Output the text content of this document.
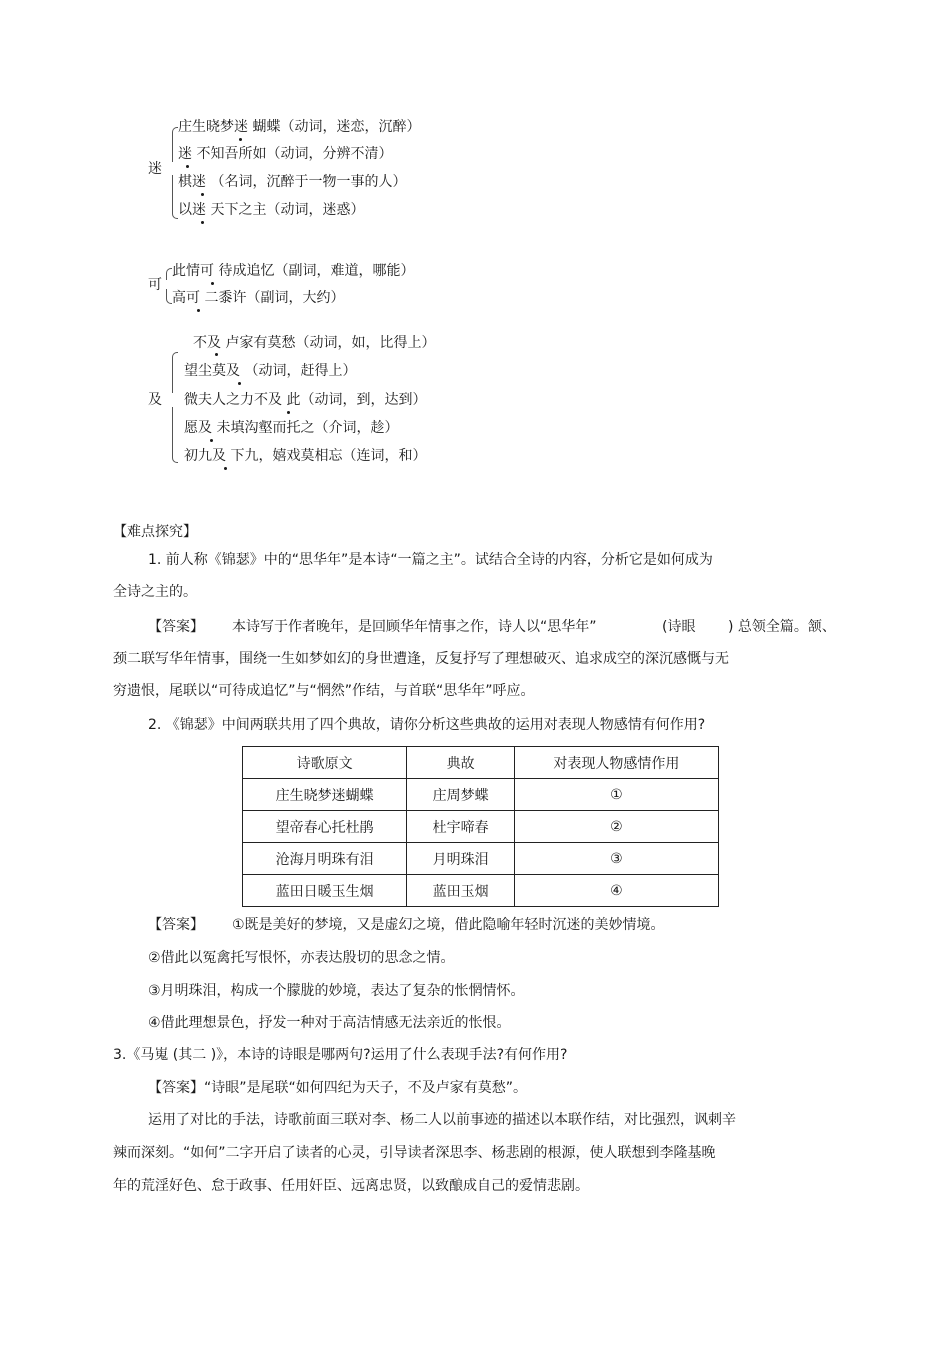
迷
庄生晓梦迷 蝴蝶（动词，迷恋，沉醉）
迷 不知吾所如（动词，分辨不清）
棋迷 （名词，沉醉于一物一事的人）
以迷 天下之主（动词，迷惑）
可
此情可 待成追忆（副词，难道，哪能）
高可 二黍许（副词，大约）
及
不及 卢家有莫愁（动词，如，比得上）
望尘莫及 （动词，赶得上）
微夫人之力不及 此（动词，到，达到）
愿及 未填沟壑而托之（介词，趁）
初九及 下九，嬉戏莫相忘（连词，和）
【难点探究】
1. 前人称《锦瑟》中的“思华年”是本诗“一篇之主”。试结合全诗的内容，分析它是如何成为
全诗之主的。
【答案】 本诗写于作者晚年，是回顾华年情事之作，诗人以“思华年”	(诗眼 ) 总领全篇。颔、
颈二联写华年情事，围绕一生如梦如幻的身世遭逢，反复抒写了理想破灭、追求成空的深沉感慨与无
穷遗恨，尾联以“可待成追忆”与“惘然”作结，与首联“思华年”呼应。
2. 《锦瑟》中间两联共用了四个典故，请你分析这些典故的运用对表现人物感情有何作用?
诗歌原文	典故	对表现人物感情作用
庄生晓梦迷蝴蝶	庄周梦蝶	①
望帝春心托杜鹃	杜宇啼春	②
沧海月明珠有泪	月明珠泪	③
蓝田日暖玉生烟	蓝田玉烟	④
【答案】 ①既是美好的梦境，又是虚幻之境，借此隐喻年轻时沉迷的美妙情境。
②借此以冤禽托写恨怀，亦表达殷切的思念之情。
③月明珠泪，构成一个朦胧的妙境，表达了复杂的怅惘情怀。
④借此理想景色，抒发一种对于高洁情感无法亲近的怅恨。
3.《马嵬 (其二 )》，本诗的诗眼是哪两句?运用了什么表现手法?有何作用?
【答案】“诗眼”是尾联“如何四纪为天子，不及卢家有莫愁”。
运用了对比的手法，诗歌前面三联对李、杨二人以前事迹的描述以本联作结，对比强烈，讽刺辛
辣而深刻。“如何”二字开启了读者的心灵，引导读者深思李、杨悲剧的根源，使人联想到李隆基晚
年的荒淫好色、怠于政事、任用奸臣、远离忠贤，以致酿成自己的爱情悲剧。
